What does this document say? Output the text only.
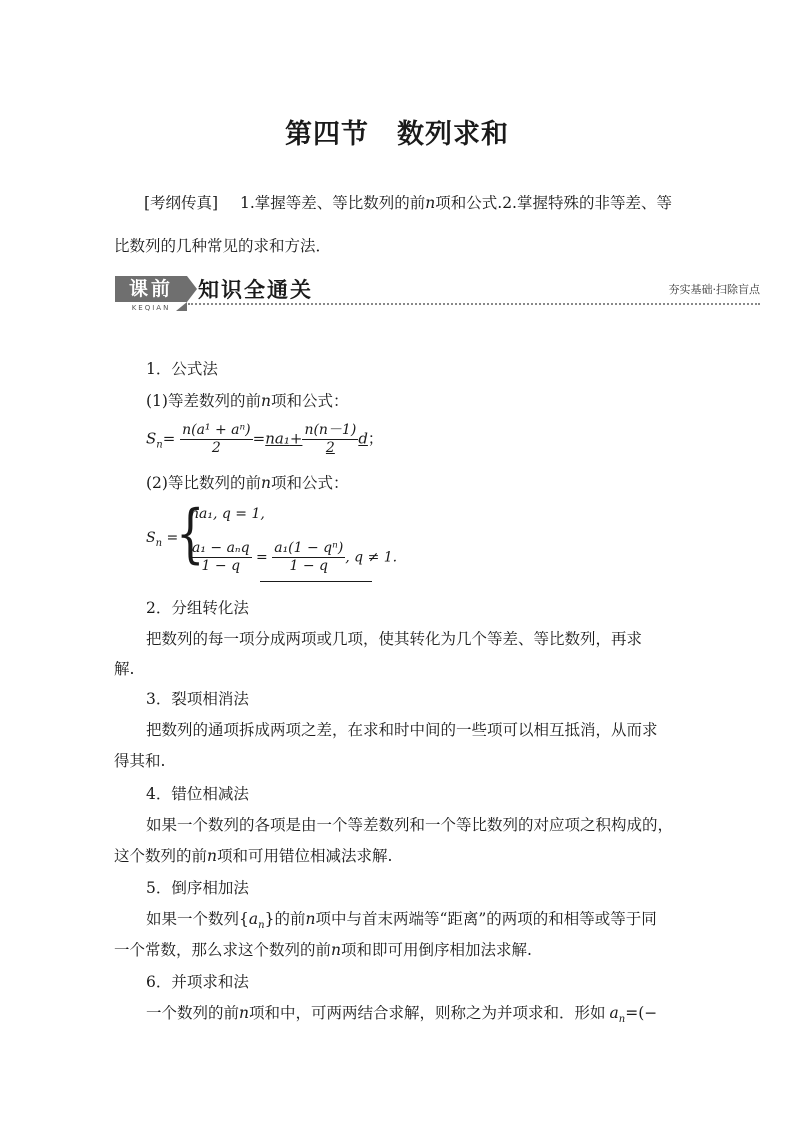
第四节　数列求和
[考纲传真] 1.掌握等差、等比数列的前n项和公式.2.掌握特殊的非等差、等
比数列的几种常见的求和方法．
课前
KEQIAN
知识全通关	夯实基础·扫除盲点
1．公式法
(1)等差数列的前n项和公式：
$S_n= \frac{\text{n(a¹ + aⁿ)}}{2} =na_1+ \frac{n(n-1)}{2}$ d；
(2)等比数列的前n项和公式：
$S_n$ =
{
na₁, q = 1,
$\frac{\text{a₁ − aₙq}}{1 - q} = \frac{\text{a₁(1 − qⁿ)}}{1 - q}$ , q ≠ 1.
2．分组转化法
把数列的每一项分成两项或几项，使其转化为几个等差、等比数列，再求
解.
3．裂项相消法
把数列的通项拆成两项之差，在求和时中间的一些项可以相互抵消，从而求
得其和.
4．错位相减法
如果一个数列的各项是由一个等差数列和一个等比数列的对应项之积构成的，
这个数列的前n项和可用错位相减法求解.
5．倒序相加法
如果一个数列$\{a_n\}$的前n项中与首末两端等“距离”的两项的和相等或等于同
一个常数，那么求这个数列的前n项和即可用倒序相加法求解.
6．并项求和法
一个数列的前n项和中，可两两结合求解，则称之为并项求和．形如 $a_n=(-$
